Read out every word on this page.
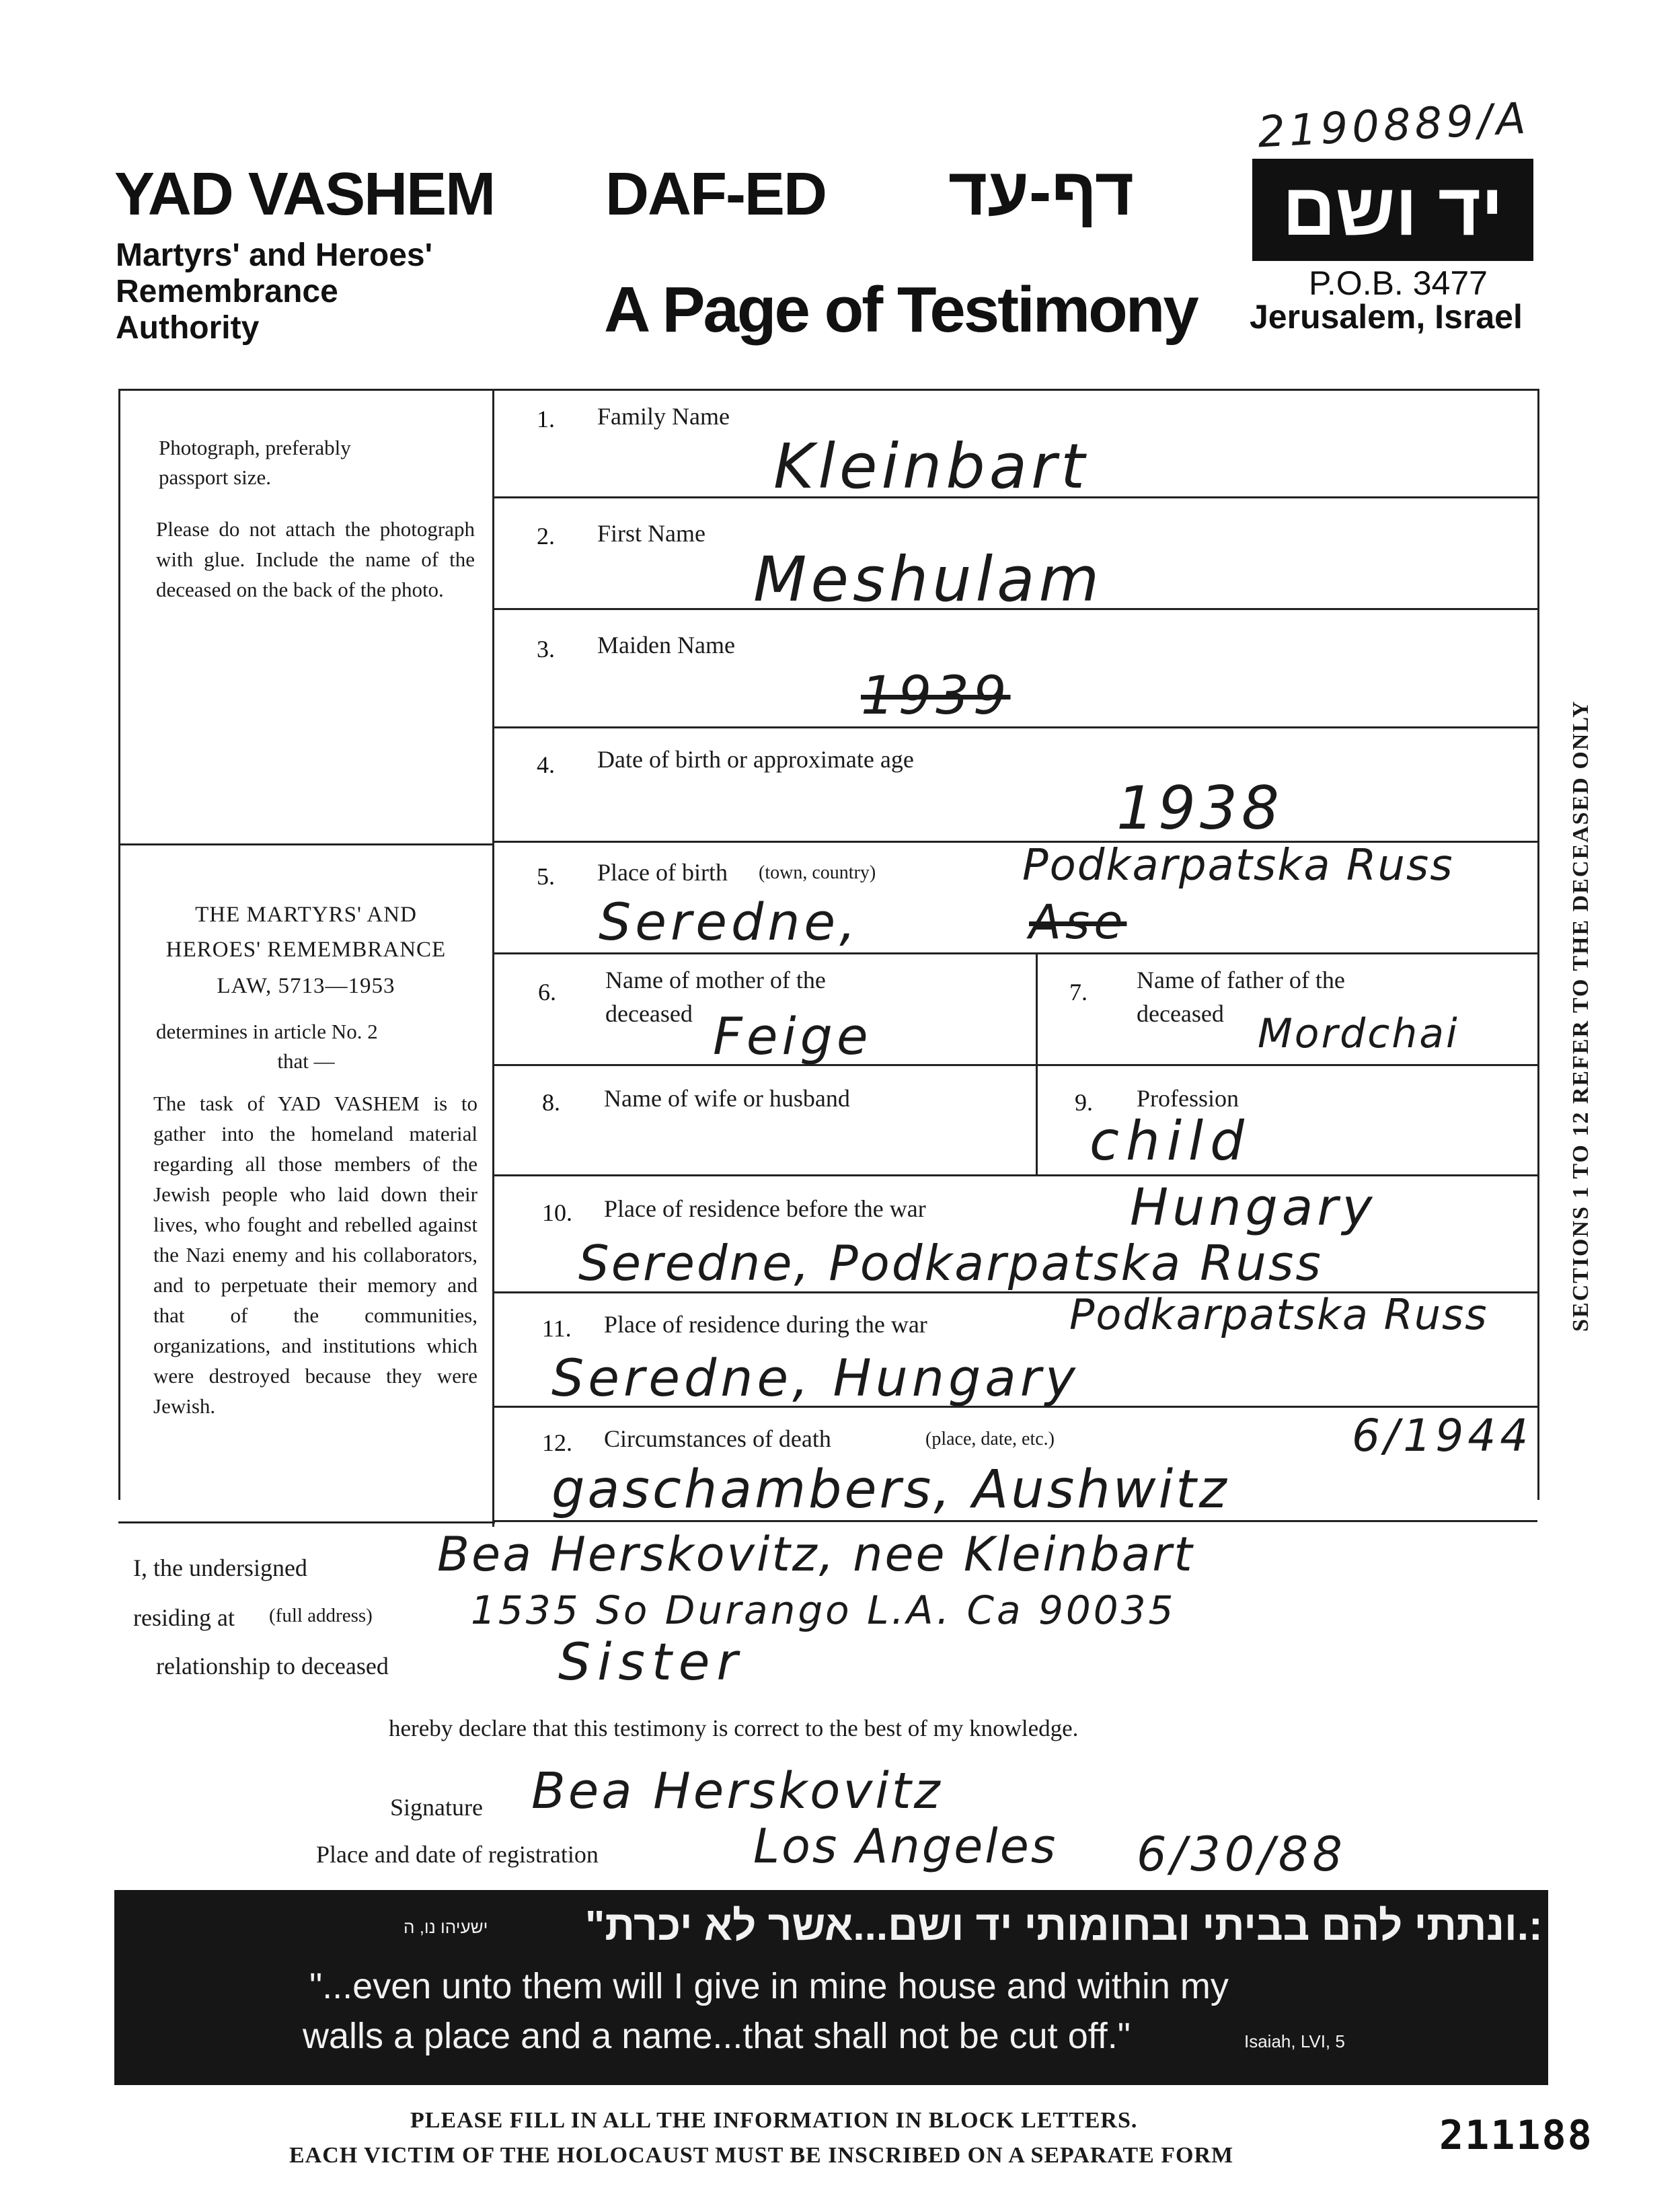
2190889/A
YAD VASHEM
Martyrs' and Heroes'
Remembrance
Authority
DAF-ED דף-עד
A Page of Testimony
יד ושם
P.O.B. 3477
Jerusalem, Israel
Photograph, preferably
passport size.
Please do not attach the photograph with glue. Include the name of the deceased on the back of the photo.
THE MARTYRS' AND
HEROES' REMEMBRANCE
LAW, 5713—1953
determines in article No. 2
that —
The task of YAD VASHEM is to gather into the homeland material regarding all those members of the Jewish people who laid down their lives, who fought and rebelled against the Nazi enemy and his collaborators, and to perpetuate their memory and that of the communities, organizations, and institutions which were destroyed because they were Jewish.
SECTIONS 1 TO 12 REFER TO THE DECEASED ONLY
1. Family Name
Kleinbart
2. First Name
Meshulam
3. Maiden Name
1939
4. Date of birth or approximate age
1938
5. Place of birth (town, country)	Podkarpatska Russ
Seredne,	Ase
6. Name of mother of the
deceased Feige
7. Name of father of the
deceased Mordchai
8. Name of wife or husband	9. Profession
child
10. Place of residence before the war	Hungary
Seredne, Podkarpatska Russ
11. Place of residence during the war	Podkarpatska Russ
Seredne, Hungary
12. Circumstances of death	(place, date, etc.)	6/1944
gaschambers, Aushwitz
I, the undersigned	Bea Herskovitz, nee Kleinbart
residing at (full address)	1535 So Durango L.A. Ca 90035
relationship to deceased	Sister
hereby declare that this testimony is correct to the best of my knowledge.
Signature Bea Herskovitz
Place and date of registration	Los Angeles 6/30/88
:.ונתתי להם בביתי ובחומותי יד ושם...אשר לא יכרת"
ישעיהו נו, ה
"...even unto them will I give in mine house and within my
walls a place and a name...that shall not be cut off."	Isaiah, LVI, 5
PLEASE FILL IN ALL THE INFORMATION IN BLOCK LETTERS.
EACH VICTIM OF THE HOLOCAUST MUST BE INSCRIBED ON A SEPARATE FORM	211188
